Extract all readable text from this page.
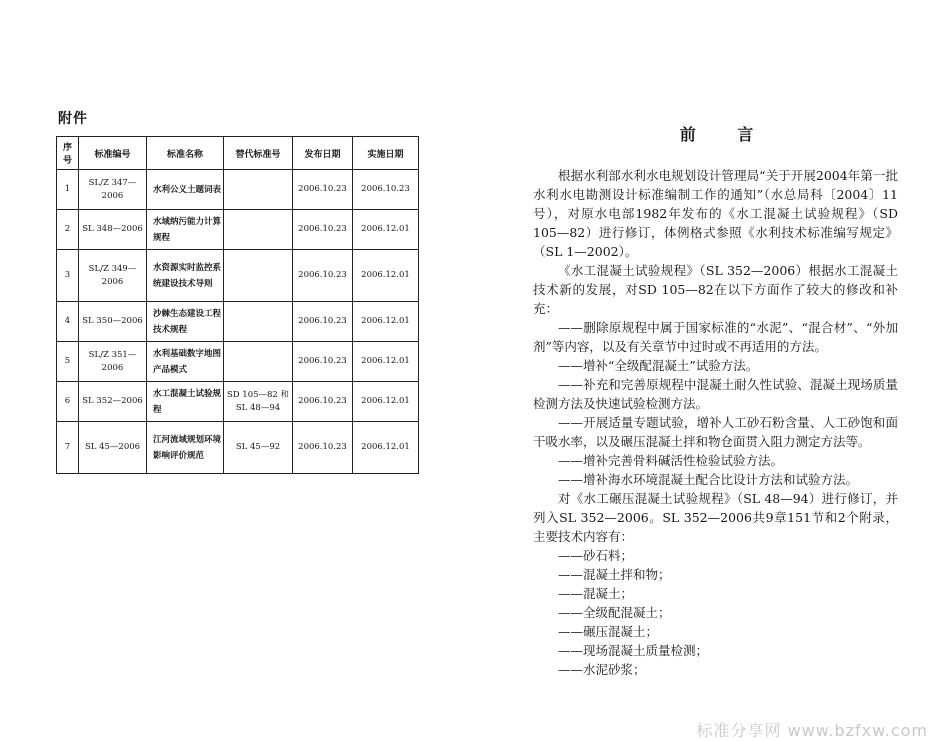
附件
序号	标准编号	标准名称	替代标准号	发布日期	实施日期
1	SL/Z 347—2006	水利公义土题词表		2006.10.23	2006.10.23
2	SL 348—2006	水域纳污能力计算规程		2006.10.23	2006.12.01
3	SL/Z 349—2006	水资源实时监控系统建设技术导则		2006.10.23	2006.12.01
4	SL 350—2006	沙棘生态建设工程技术规程		2006.10.23	2006.12.01
5	SL/Z 351—2006	水利基础数字地图产品模式		2006.10.23	2006.12.01
6	SL 352—2006	水工混凝土试验规程	SD 105—82 和 SL 48—94	2006.10.23	2006.12.01
7	SL 45—2006	江河流域规划环境影响评价规范	SL 45—92	2006.10.23	2006.12.01
前 言

根据水利部水利水电规划设计管理局“关于开展2004年第一批水利水电勘测设计标准编制工作的通知”（水总局科〔2004〕11号），对原水电部1982年发布的《水工混凝土试验规程》（SD 105—82）进行修订，体例格式参照《水利技术标准编写规定》（SL 1—2002）。

《水工混凝土试验规程》（SL 352—2006）根据水工混凝土技术新的发展，对SD 105—82在以下方面作了较大的修改和补充：

——删除原规程中属于国家标准的“水泥”、“混合材”、“外加剂”等内容，以及有关章节中过时或不再适用的方法。

——增补“全级配混凝土”试验方法。

——补充和完善原规程中混凝土耐久性试验、混凝土现场质量检测方法及快速试验检测方法。

——开展适量专题试验，增补人工砂石粉含量、人工砂饱和面干吸水率，以及碾压混凝土拌和物仓面贯入阻力测定方法等。

——增补完善骨料碱活性检验试验方法。

——增补海水环境混凝土配合比设计方法和试验方法。

对《水工碾压混凝土试验规程》（SL 48—94）进行修订，并列入SL 352—2006。SL 352—2006共9章151节和2个附录，主要技术内容有：

——砂石料；

——混凝土拌和物；

——混凝土；

——全级配混凝土；

——碾压混凝土；

——现场混凝土质量检测；

——水泥砂浆；

标准分享网 www.bzfxw.com
